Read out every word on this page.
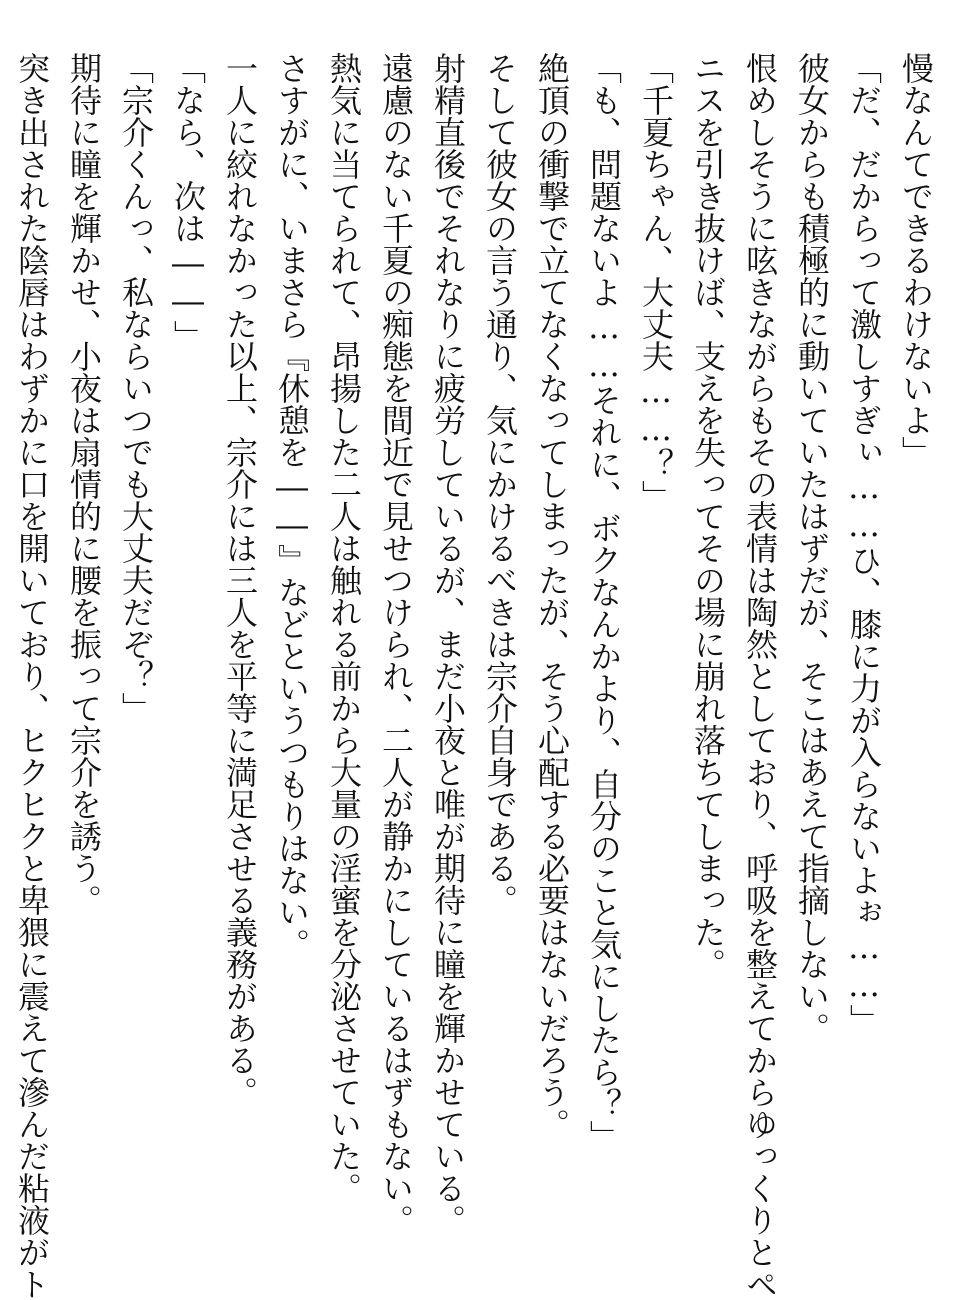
慢なんてできるわけないよ」
「だ、だからって激しすぎぃ……ひ、膝に力が入らないよぉ……」
彼女からも積極的に動いていたはずだが、そこはあえて指摘しない。
恨めしそうに呟きながらもその表情は陶然としており、呼吸を整えてからゆっくりとペ
ニスを引き抜けば、支えを失ってその場に崩れ落ちてしまった。
「千夏ちゃん、大丈夫……？」
「も、問題ないよ……それに、ボクなんかより、自分のこと気にしたら？」
絶頂の衝撃で立てなくなってしまったが、そう心配する必要はないだろう。
そして彼女の言う通り、気にかけるべきは宗介自身である。
射精直後でそれなりに疲労しているが、まだ小夜と唯が期待に瞳を輝かせている。
遠慮のない千夏の痴態を間近で見せつけられ、二人が静かにしているはずもない。
熱気に当てられて、昂揚した二人は触れる前から大量の淫蜜を分泌させていた。
さすがに、いまさら『休憩を――』などというつもりはない。
一人に絞れなかった以上、宗介には三人を平等に満足させる義務がある。
「なら、次は――」
「宗介くんっ、私ならいつでも大丈夫だぞ？」
期待に瞳を輝かせ、小夜は扇情的に腰を振って宗介を誘う。
突き出された陰唇はわずかに口を開いており、ヒクヒクと卑猥に震えて滲んだ粘液がト
